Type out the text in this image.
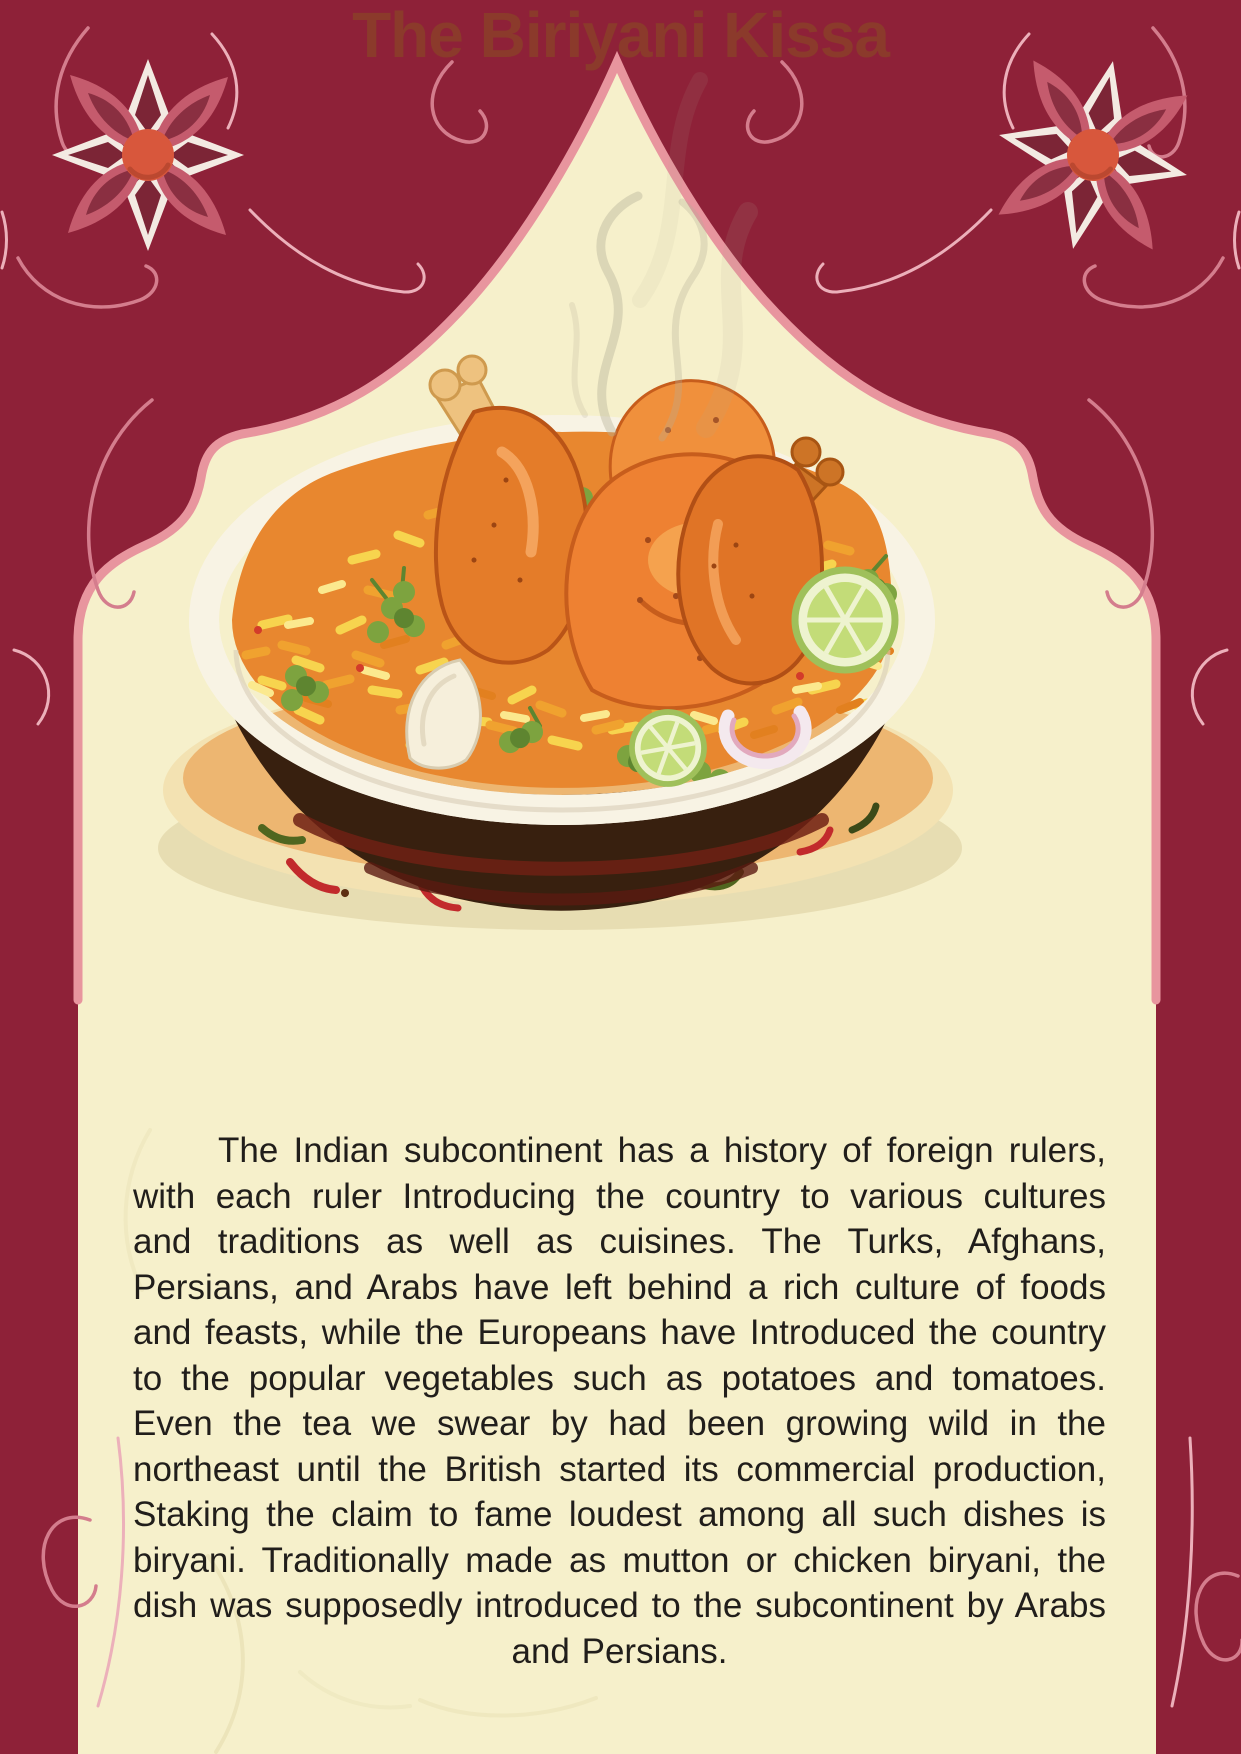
The Biriyani Kissa

The Indian subcontinent has a history of foreign rulers, with each ruler Introducing the country to various cultures and traditions as well as cuisines. The Turks, Afghans, Persians, and Arabs have left behind a rich culture of foods and feasts, while the Europeans have Introduced the country to the popular vegetables such as potatoes and tomatoes. Even the tea we swear by had been growing wild in the northeast until the British started its commercial production, Staking the claim to fame loudest among all such dishes is biryani. Traditionally made as mutton or chicken biryani, the dish was supposedly introduced to the subcontinent by Arabs and Persians.
